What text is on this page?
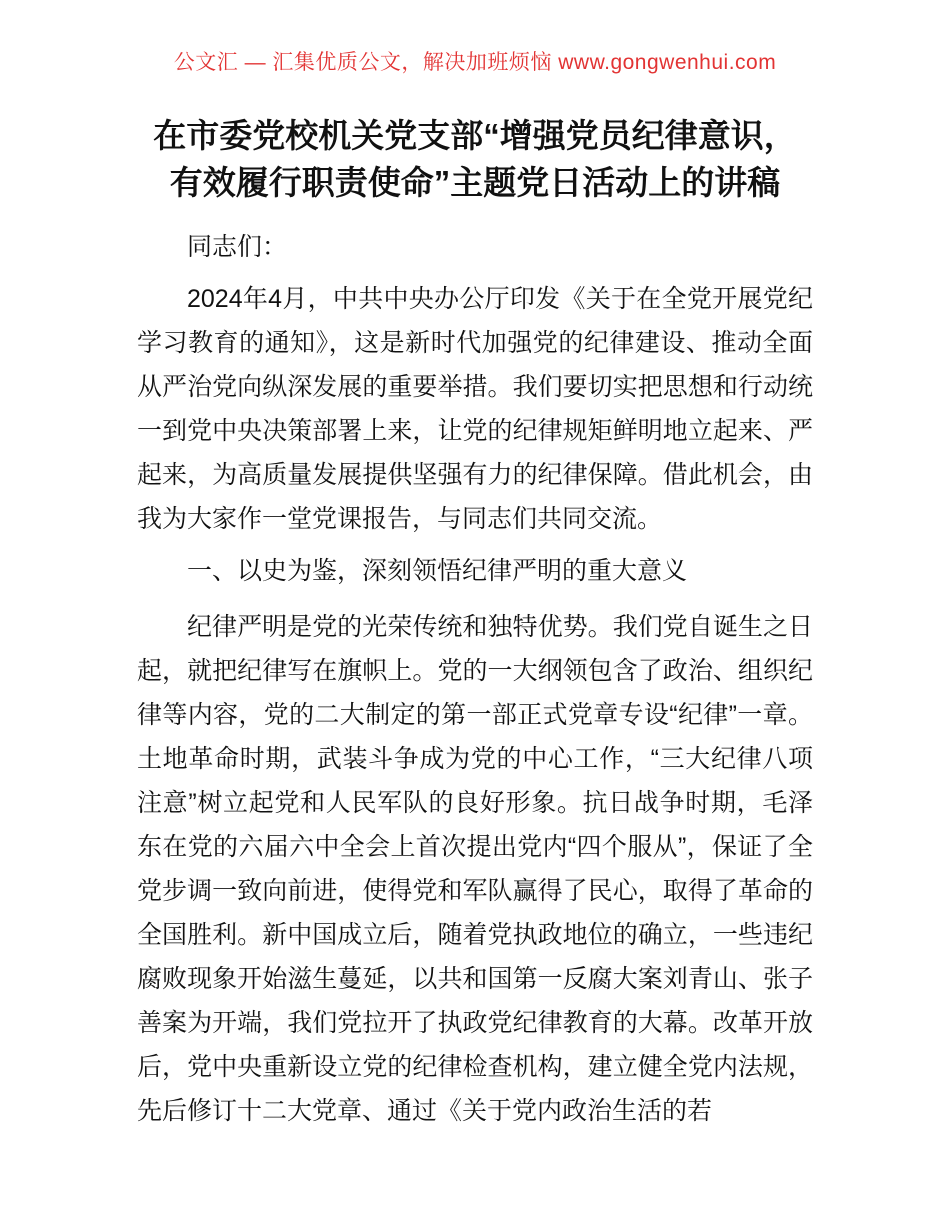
公文汇 — 汇集优质公文，解决加班烦恼 www.gongwenhui.com
在市委党校机关党支部“增强党员纪律意识，
有效履行职责使命”主题党日活动上的讲稿

同志们：

2024年4月，中共中央办公厅印发《关于在全党开展党纪学习教育的通知》，这是新时代加强党的纪律建设、推动全面从严治党向纵深发展的重要举措。我们要切实把思想和行动统一到党中央决策部署上来，让党的纪律规矩鲜明地立起来、严起来，为高质量发展提供坚强有力的纪律保障。借此机会，由我为大家作一堂党课报告，与同志们共同交流。

一、以史为鉴，深刻领悟纪律严明的重大意义

纪律严明是党的光荣传统和独特优势。我们党自诞生之日起，就把纪律写在旗帜上。党的一大纲领包含了政治、组织纪律等内容，党的二大制定的第一部正式党章专设“纪律”一章。土地革命时期，武装斗争成为党的中心工作，“三大纪律八项注意”树立起党和人民军队的良好形象。抗日战争时期，毛泽东在党的六届六中全会上首次提出党内“四个服从”，保证了全党步调一致向前进，使得党和军队赢得了民心，取得了革命的全国胜利。新中国成立后，随着党执政地位的确立，一些违纪腐败现象开始滋生蔓延，以共和国第一反腐大案刘青山、张子善案为开端，我们党拉开了执政党纪律教育的大幕。改革开放后，党中央重新设立党的纪律检查机构，建立健全党内法规，先后修订十二大党章、通过《关于党内政治生活的若
